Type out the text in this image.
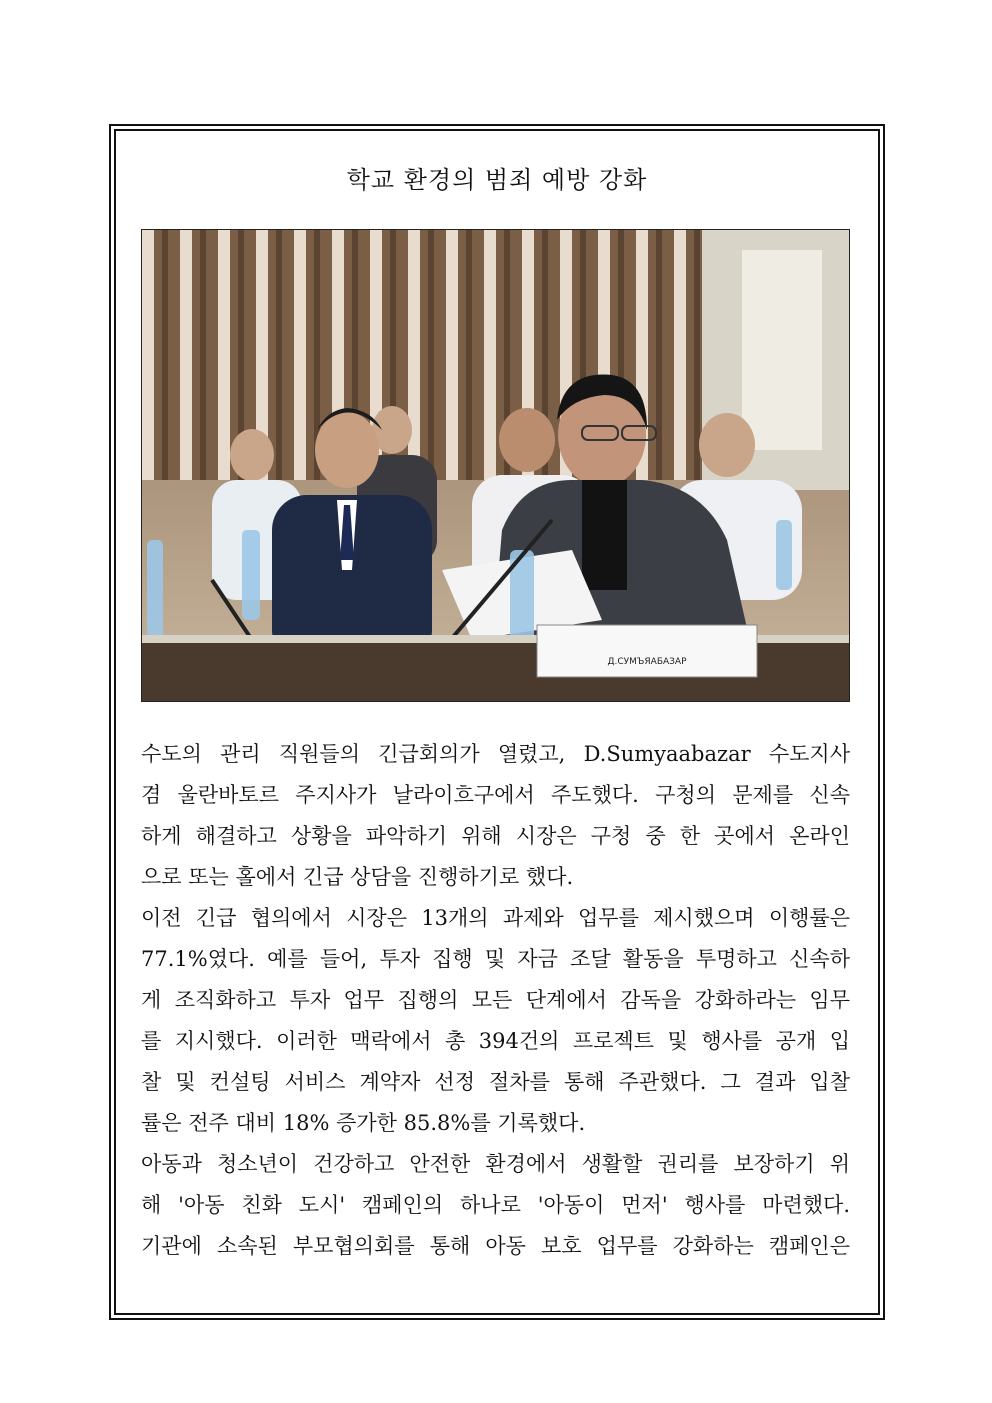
학교 환경의 범죄 예방 강화
Д.СУМЪЯАБАЗАР
수도의 관리 직원들의 긴급회의가 열렸고, D.Sumyaabazar 수도지사
겸 울란바토르 주지사가 날라이흐구에서 주도했다. 구청의 문제를 신속
하게 해결하고 상황을 파악하기 위해 시장은 구청 중 한 곳에서 온라인
으로 또는 홀에서 긴급 상담을 진행하기로 했다.
이전 긴급 협의에서 시장은 13개의 과제와 업무를 제시했으며 이행률은
77.1%였다. 예를 들어, 투자 집행 및 자금 조달 활동을 투명하고 신속하
게 조직화하고 투자 업무 집행의 모든 단계에서 감독을 강화하라는 임무
를 지시했다. 이러한 맥락에서 총 394건의 프로젝트 및 행사를 공개 입
찰 및 컨설팅 서비스 계약자 선정 절차를 통해 주관했다. 그 결과 입찰
률은 전주 대비 18% 증가한 85.8%를 기록했다.
아동과 청소년이 건강하고 안전한 환경에서 생활할 권리를 보장하기 위
해 '아동 친화 도시' 캠페인의 하나로 '아동이 먼저' 행사를 마련했다.
기관에 소속된 부모협의회를 통해 아동 보호 업무를 강화하는 캠페인은
